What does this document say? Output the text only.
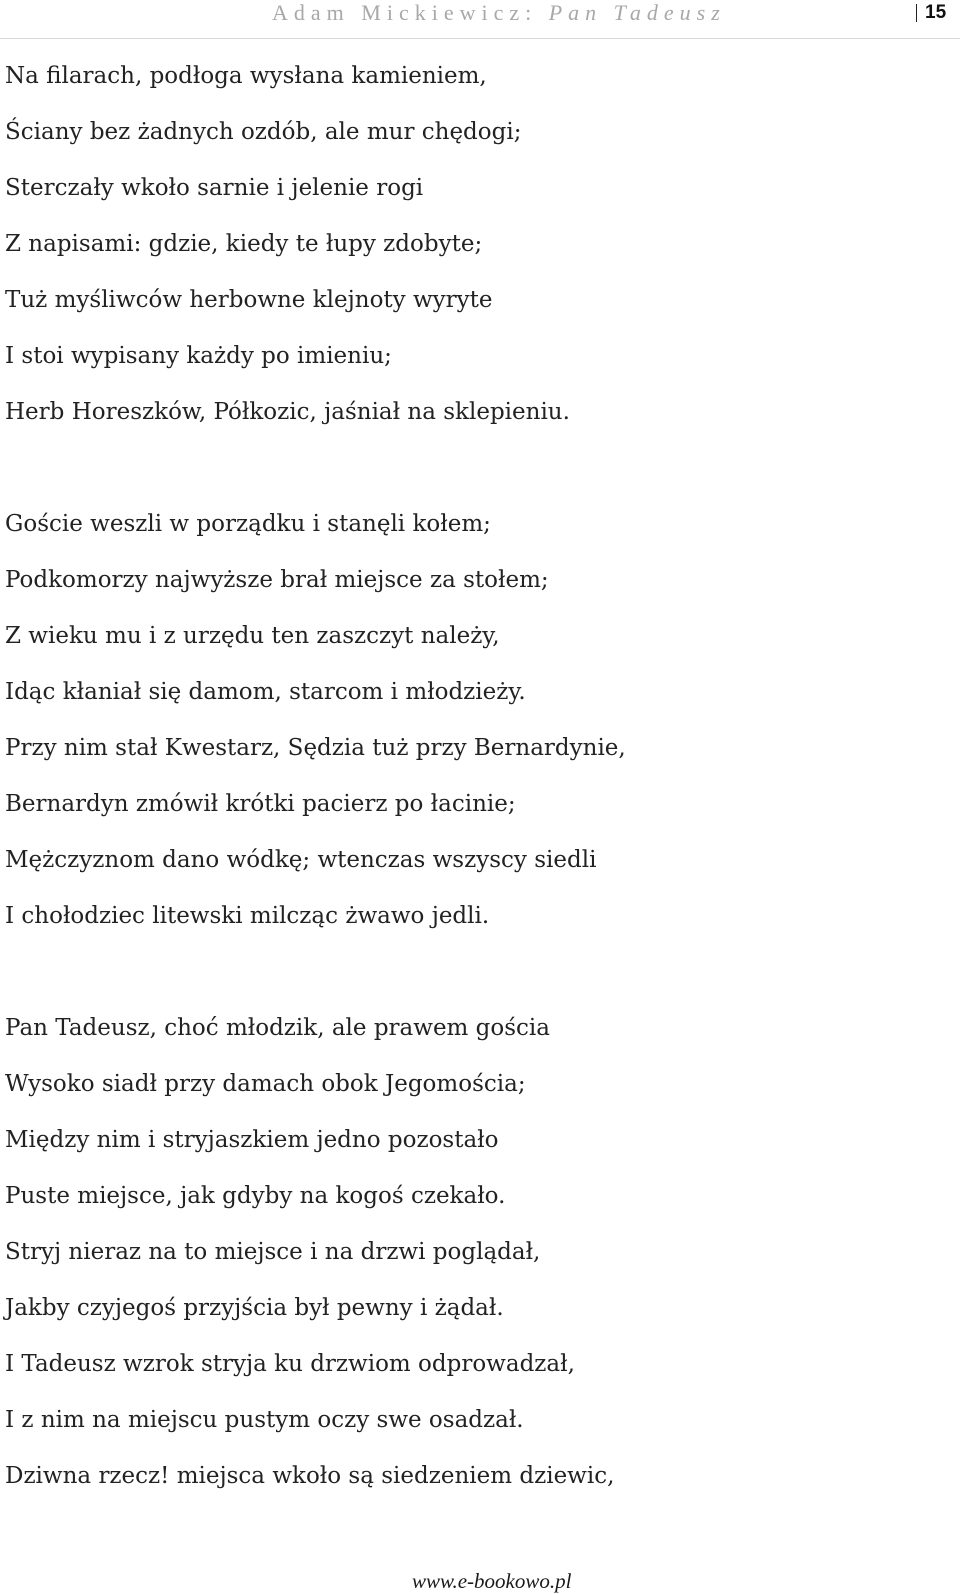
Adam Mickiewicz: Pan Tadeusz	15
Na filarach, podłoga wysłana kamieniem,
Ściany bez żadnych ozdób, ale mur chędogi;
Sterczały wkoło sarnie i jelenie rogi
Z napisami: gdzie, kiedy te łupy zdobyte;
Tuż myśliwców herbowne klejnoty wyryte
I stoi wypisany każdy po imieniu;
Herb Horeszków, Półkozic, jaśniał na sklepieniu.
Goście weszli w porządku i stanęli kołem;
Podkomorzy najwyższe brał miejsce za stołem;
Z wieku mu i z urzędu ten zaszczyt należy,
Idąc kłaniał się damom, starcom i młodzieży.
Przy nim stał Kwestarz, Sędzia tuż przy Bernardynie,
Bernardyn zmówił krótki pacierz po łacinie;
Mężczyznom dano wódkę; wtenczas wszyscy siedli
I chołodziec litewski milcząc żwawo jedli.
Pan Tadeusz, choć młodzik, ale prawem gościa
Wysoko siadł przy damach obok Jegomościa;
Między nim i stryjaszkiem jedno pozostało
Puste miejsce, jak gdyby na kogoś czekało.
Stryj nieraz na to miejsce i na drzwi poglądał,
Jakby czyjegoś przyjścia był pewny i żądał.
I Tadeusz wzrok stryja ku drzwiom odprowadzał,
I z nim na miejscu pustym oczy swe osadzał.
Dziwna rzecz! miejsca wkoło są siedzeniem dziewic,
www.e-bookowo.pl
